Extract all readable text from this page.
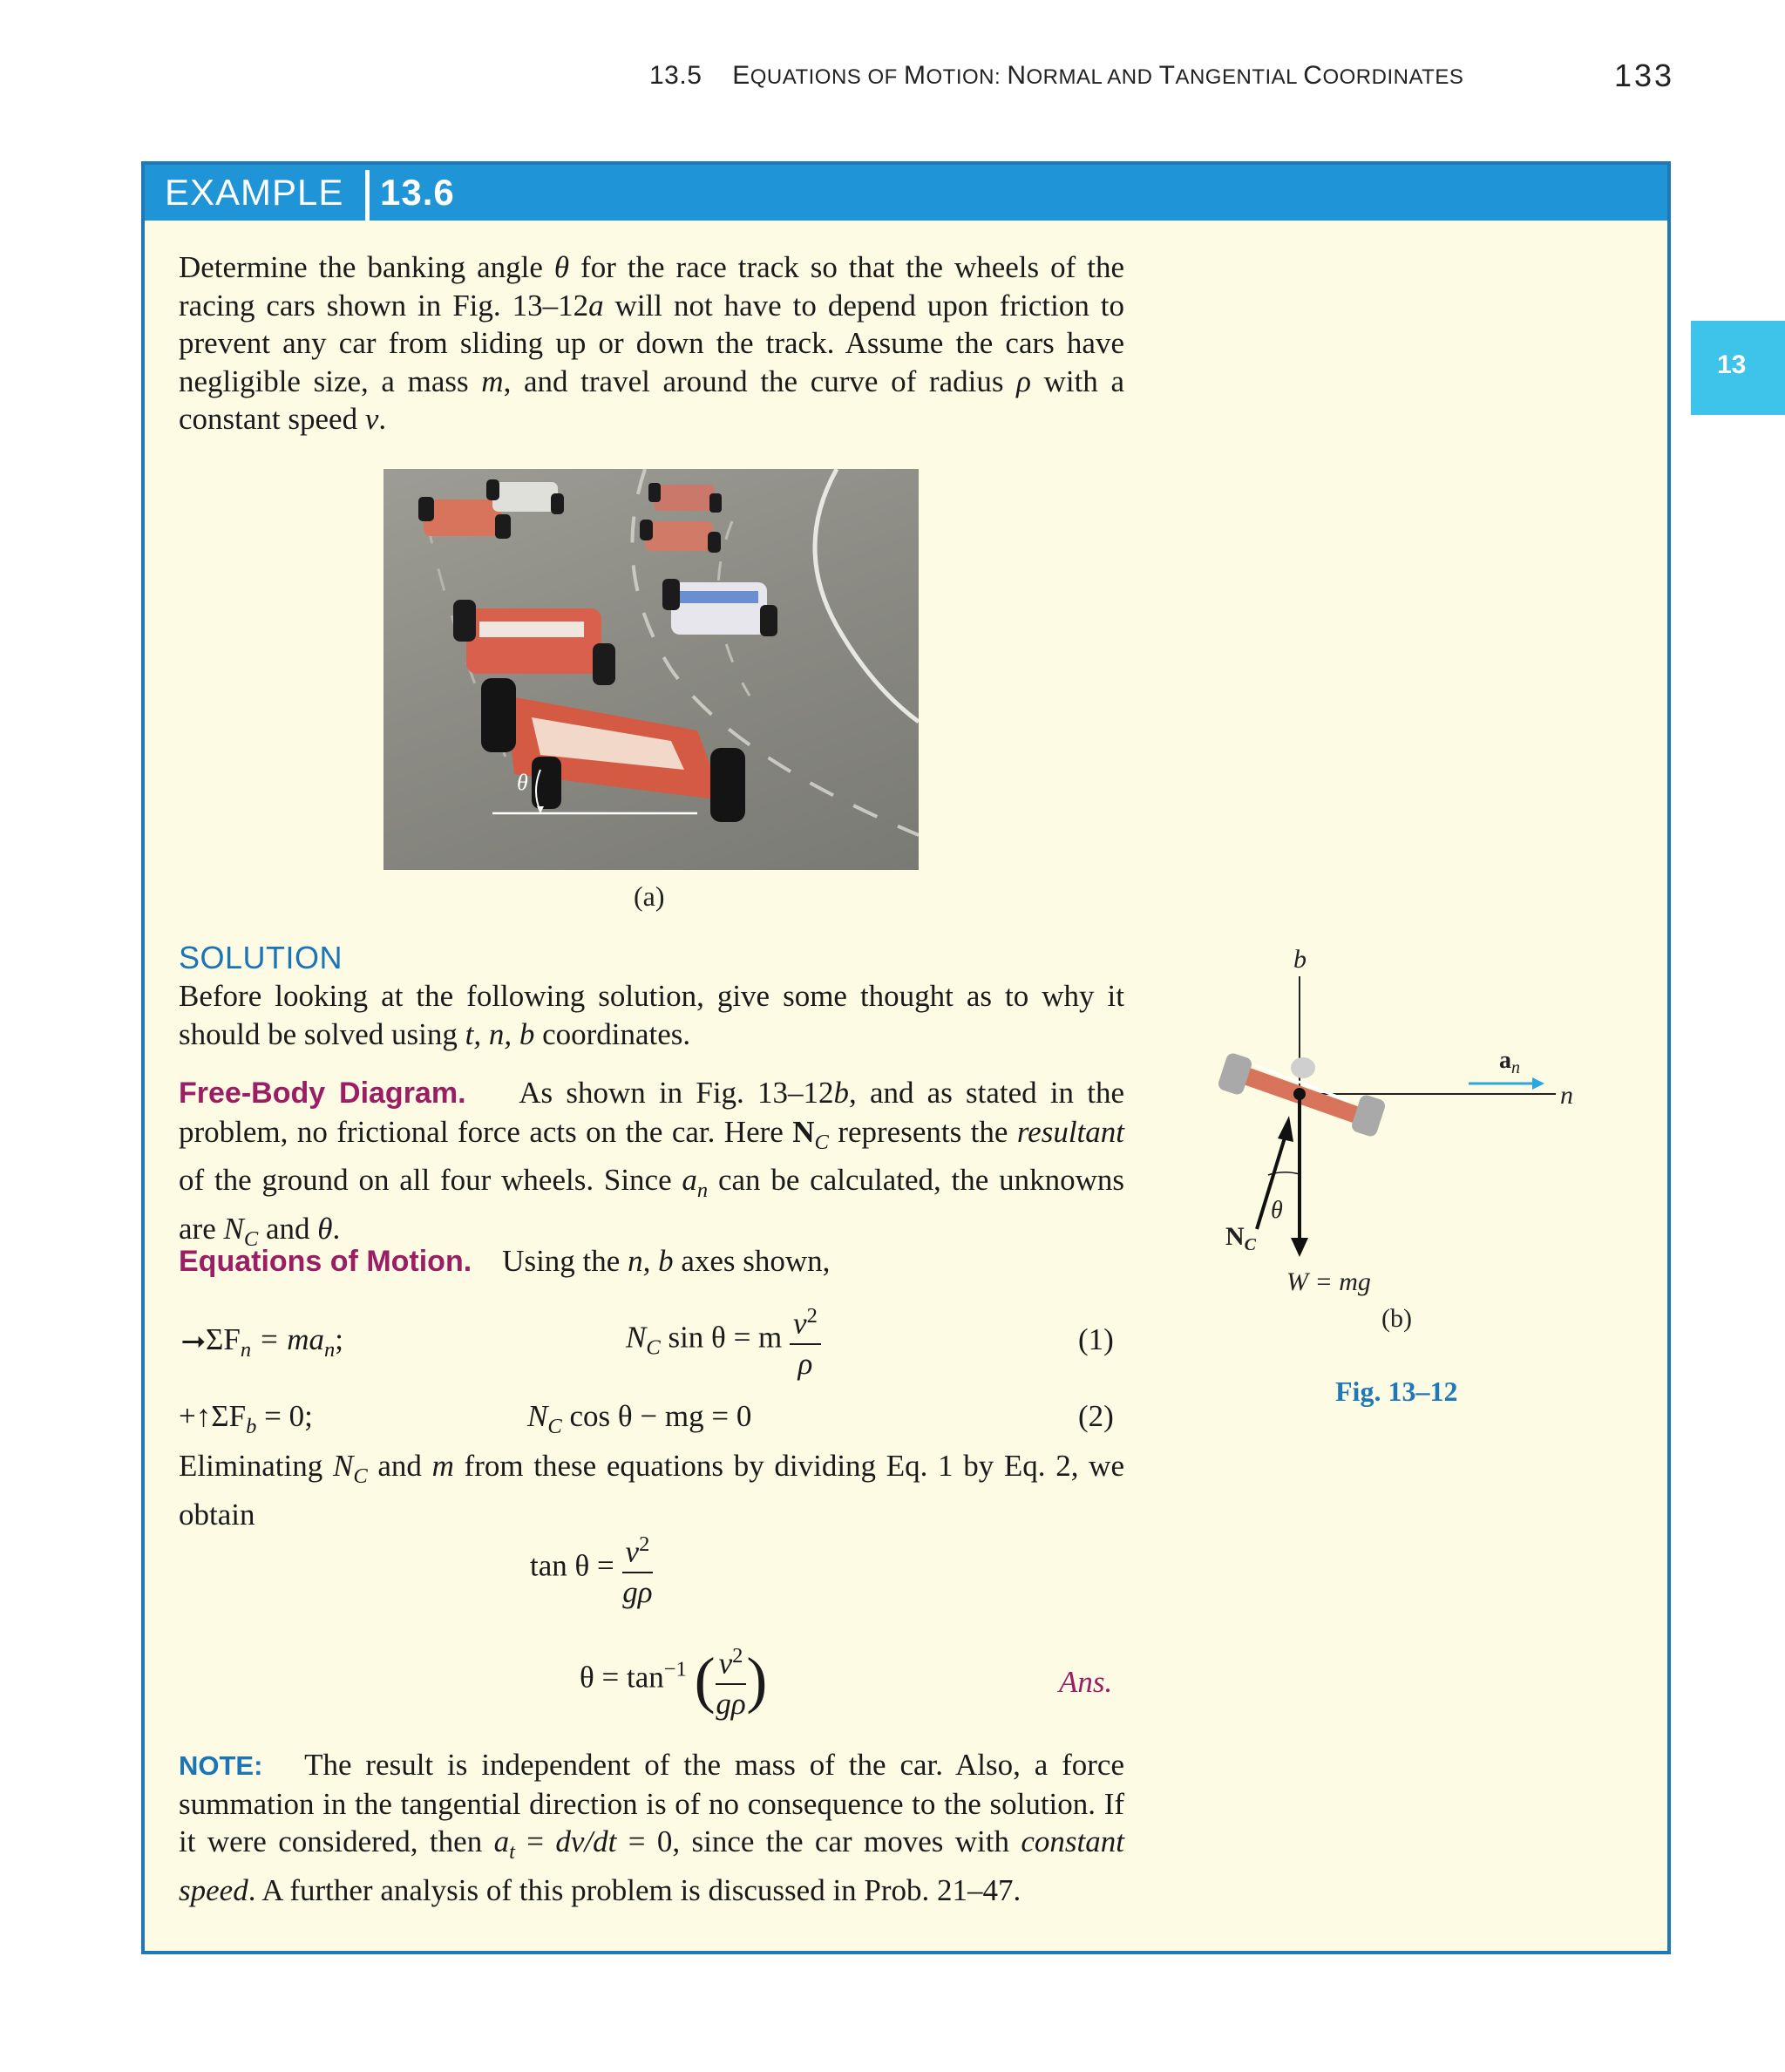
13.5 EQUATIONS OF MOTION: NORMAL AND TANGENTIAL COORDINATES	133
13
EXAMPLE 13.6
Determine the banking angle θ for the race track so that the wheels of the racing cars shown in Fig. 13–12a will not have to depend upon friction to prevent any car from sliding up or down the track. Assume the cars have negligible size, a mass m, and travel around the curve of radius ρ with a constant speed v.
θ
(a)
SOLUTION
Before looking at the following solution, give some thought as to why it should be solved using t, n, b coordinates.
Free-Body Diagram. As shown in Fig. 13–12b, and as stated in the problem, no frictional force acts on the car. Here $N_C$ represents the resultant of the ground on all four wheels. Since $a_n$ can be calculated, the unknowns are $N_C$ and θ.
Equations of Motion. Using the n, b axes shown,
$⭢\Sigma F_n = ma_n$;	$N_C$ sin θ = m $\frac{v^2}{\rho}$	(1)
$+↑\Sigma F_b = 0$;	$N_C$ cos θ − mg = 0	(2)
Eliminating $N_C$ and m from these equations by dividing Eq. 1 by Eq. 2, we obtain
$\tan \theta = \frac{v^2}{g\rho}$
$\theta = \tan^{-1}$ ( $\frac{v^2}{g\rho}$ )	Ans.
NOTE: The result is independent of the mass of the car. Also, a force summation in the tangential direction is of no consequence to the solution. If it were considered, then $a_t = dv/dt = 0$, since the car moves with constant speed. A further analysis of this problem is discussed in Prob. 21–47.
b
n
θ
$N_C$
W = mg
$a_n$
(b)
Fig. 13–12
